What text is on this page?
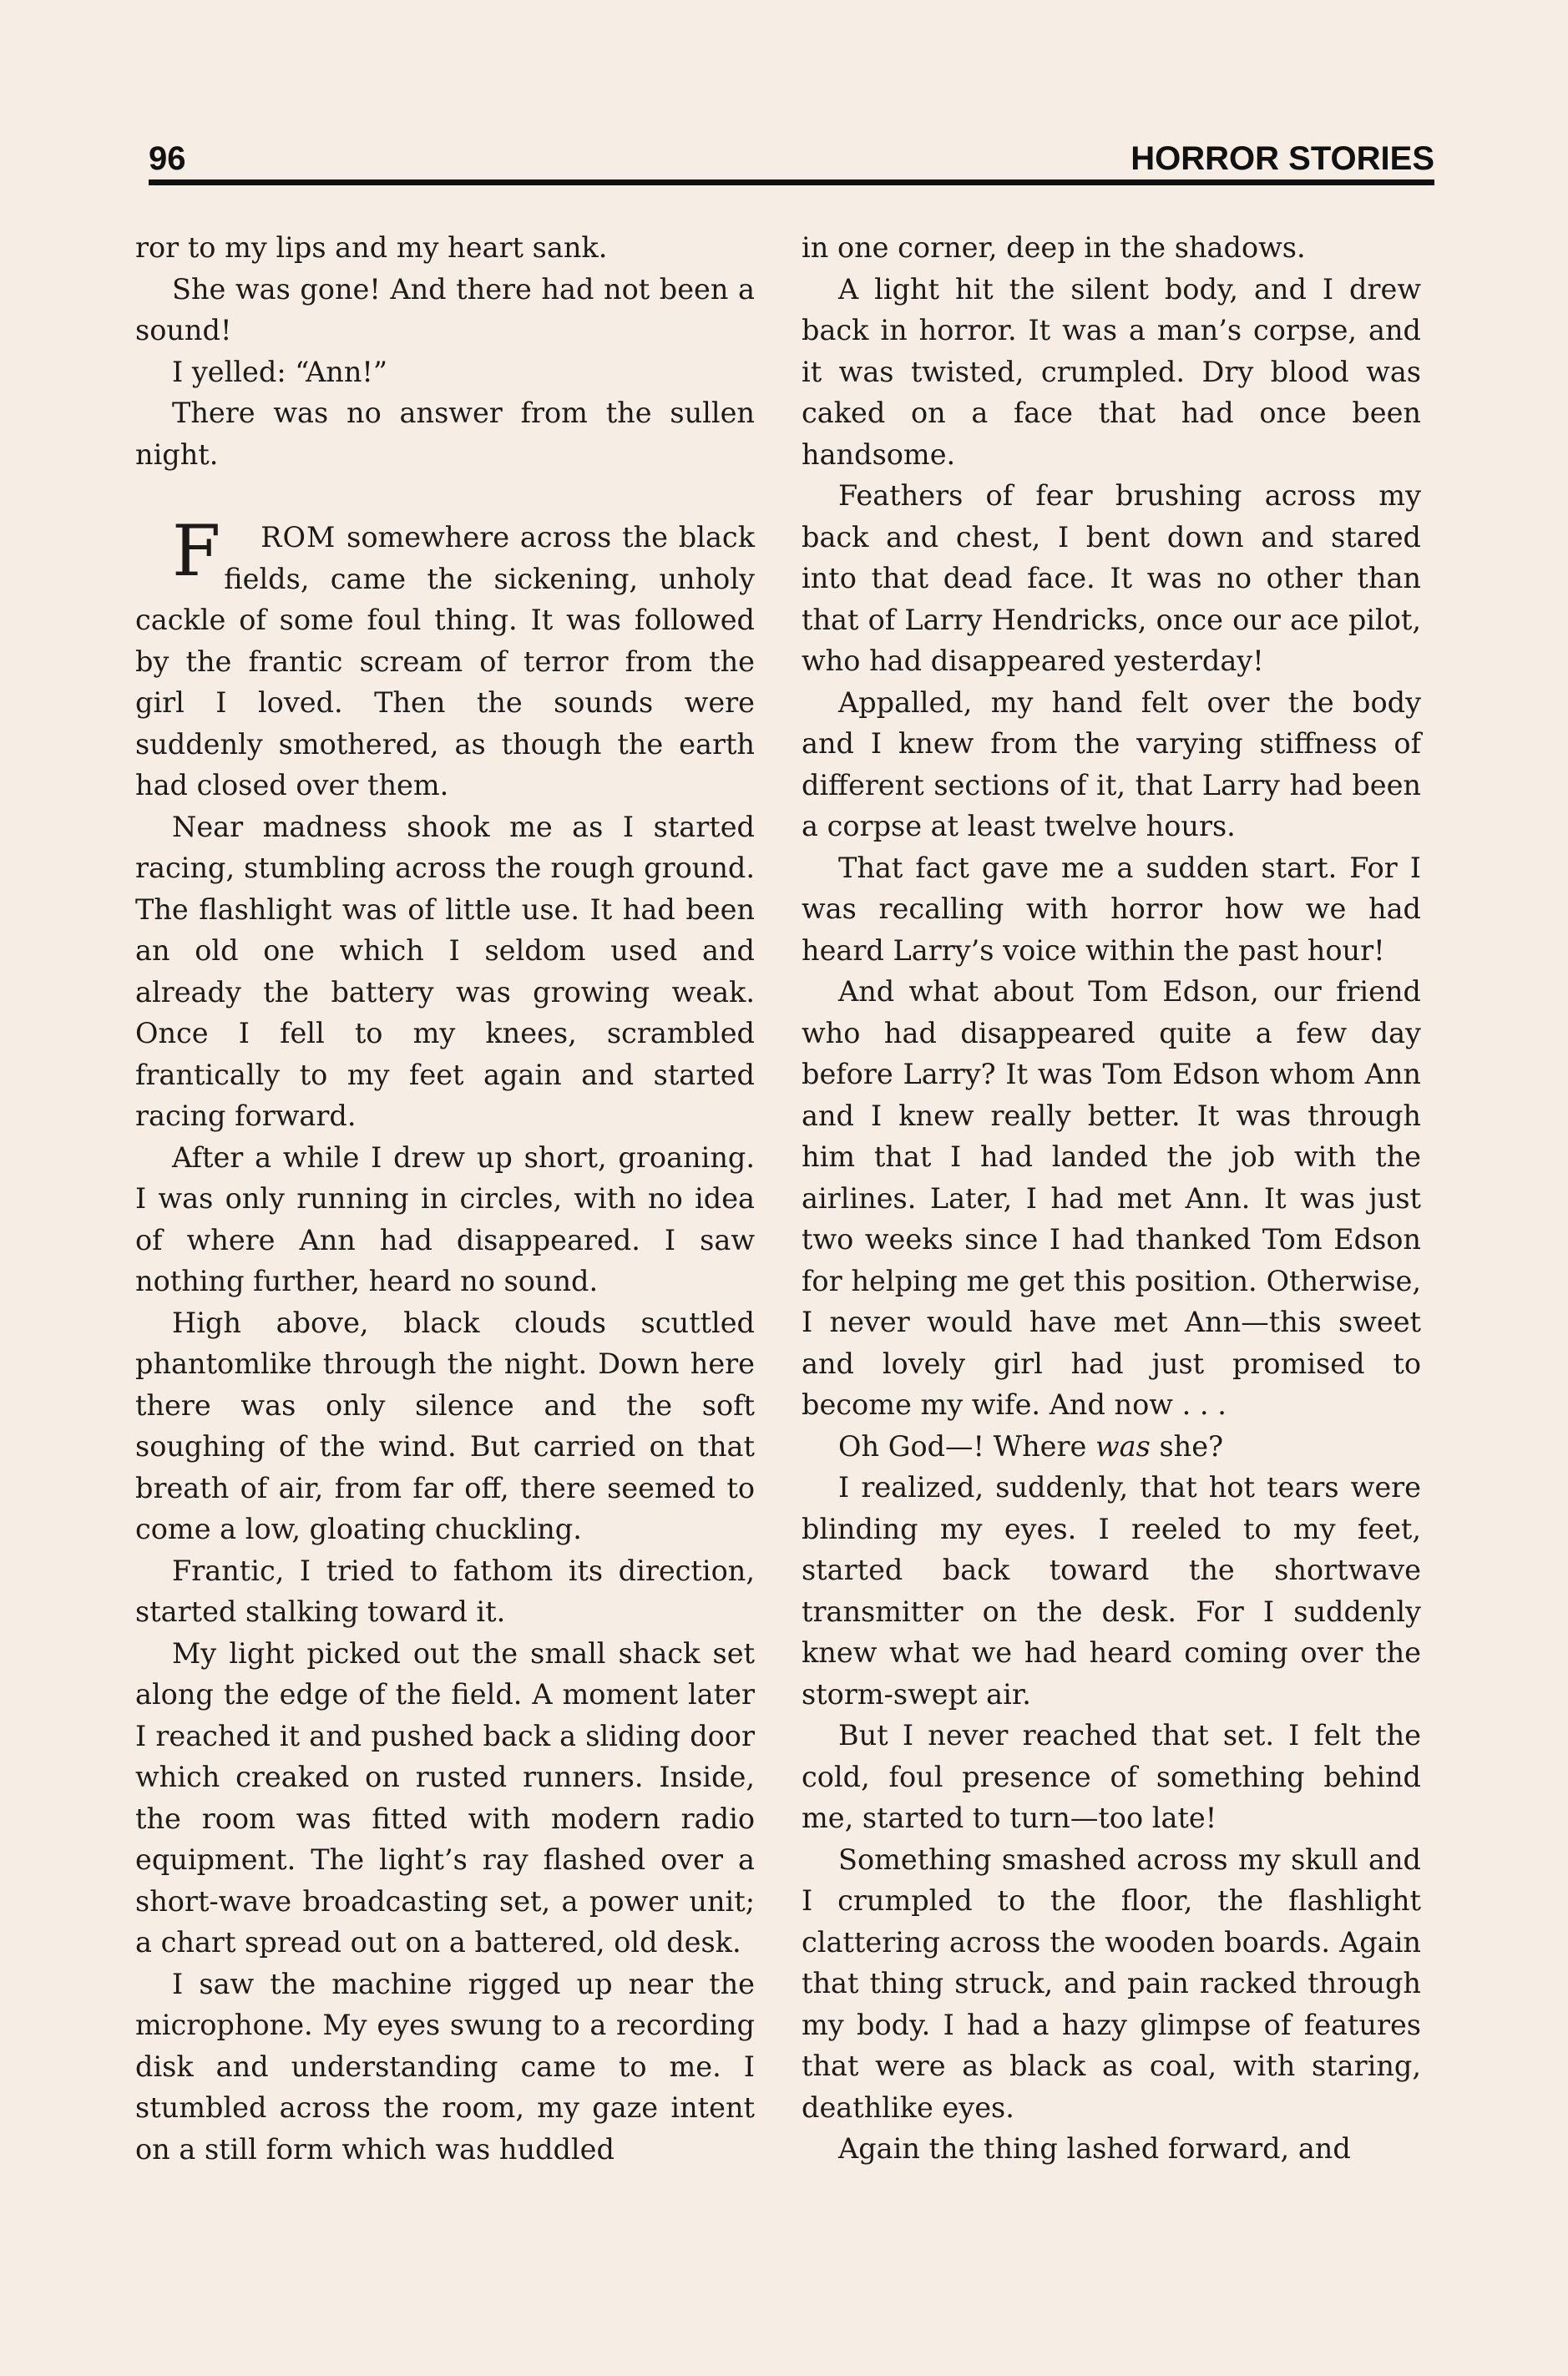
96	HORROR STORIES

ror to my lips and my heart sank.

She was gone! And there had not been a sound!

I yelled: “Ann!”

There was no answer from the sullen night.

F ROM somewhere across the black fields, came the sickening, unholy cackle of some foul thing. It was followed by the frantic scream of terror from the girl I loved. Then the sounds were suddenly smothered, as though the earth had closed over them.

Near madness shook me as I started racing, stumbling across the rough ground. The flashlight was of little use. It had been an old one which I seldom used and already the battery was growing weak. Once I fell to my knees, scrambled frantically to my feet again and started racing forward.

After a while I drew up short, groaning. I was only running in circles, with no idea of where Ann had disappeared. I saw nothing further, heard no sound.

High above, black clouds scuttled phantomlike through the night. Down here there was only silence and the soft soughing of the wind. But carried on that breath of air, from far off, there seemed to come a low, gloating chuckling.

Frantic, I tried to fathom its direction, started stalking toward it.

My light picked out the small shack set along the edge of the field. A moment later I reached it and pushed back a sliding door which creaked on rusted runners. Inside, the room was fitted with modern radio equipment. The light’s ray flashed over a short-wave broadcasting set, a power unit; a chart spread out on a battered, old desk.

I saw the machine rigged up near the microphone. My eyes swung to a recording disk and understanding came to me. I stumbled across the room, my gaze intent on a still form which was huddled

in one corner, deep in the shadows.

A light hit the silent body, and I drew back in horror. It was a man’s corpse, and it was twisted, crumpled. Dry blood was caked on a face that had once been handsome.

Feathers of fear brushing across my back and chest, I bent down and stared into that dead face. It was no other than that of Larry Hendricks, once our ace pilot, who had disappeared yesterday!

Appalled, my hand felt over the body and I knew from the varying stiffness of different sections of it, that Larry had been a corpse at least twelve hours.

That fact gave me a sudden start. For I was recalling with horror how we had heard Larry’s voice within the past hour!

And what about Tom Edson, our friend who had disappeared quite a few day before Larry? It was Tom Edson whom Ann and I knew really better. It was through him that I had landed the job with the airlines. Later, I had met Ann. It was just two weeks since I had thanked Tom Edson for helping me get this position. Otherwise, I never would have met Ann—this sweet and lovely girl had just promised to become my wife. And now . . .

Oh God—! Where was she?

I realized, suddenly, that hot tears were blinding my eyes. I reeled to my feet, started back toward the shortwave transmitter on the desk. For I suddenly knew what we had heard coming over the storm-swept air.

But I never reached that set. I felt the cold, foul presence of something behind me, started to turn—too late!

Something smashed across my skull and I crumpled to the floor, the flashlight clattering across the wooden boards. Again that thing struck, and pain racked through my body. I had a hazy glimpse of features that were as black as coal, with staring, deathlike eyes.

Again the thing lashed forward, and
